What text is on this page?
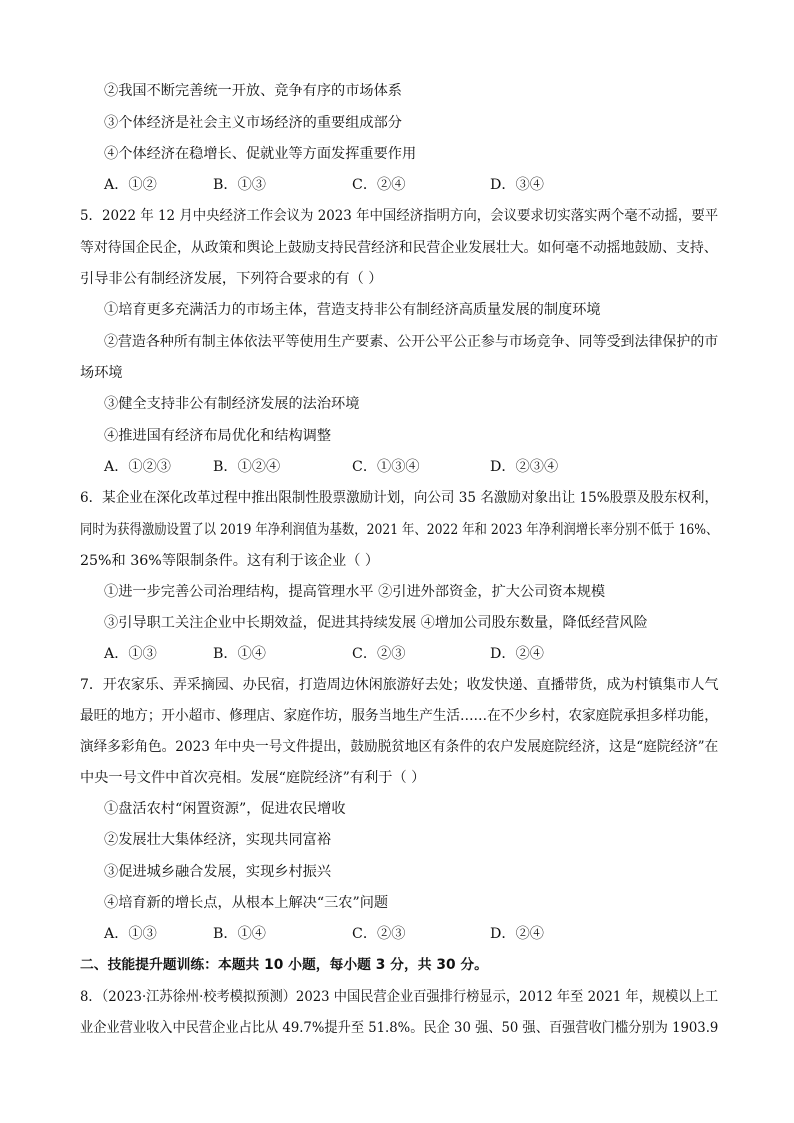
②我国不断完善统一开放、竞争有序的市场体系
③个体经济是社会主义市场经济的重要组成部分
④个体经济在稳增长、促就业等方面发挥重要作用
A．①②	B．①③	C．②④	D．③④
5．2022 年 12 月中央经济工作会议为 2023 年中国经济指明方向，会议要求切实落实两个毫不动摇，要平
等对待国企民企，从政策和舆论上鼓励支持民营经济和民营企业发展壮大。如何毫不动摇地鼓励、支持、
引导非公有制经济发展，下列符合要求的有（ ）
①培育更多充满活力的市场主体，营造支持非公有制经济高质量发展的制度环境
②营造各种所有制主体依法平等使用生产要素、公开公平公正参与市场竞争、同等受到法律保护的市
场环境
③健全支持非公有制经济发展的法治环境
④推进国有经济布局优化和结构调整
A．①②③	B．①②④	C．①③④	D．②③④
6．某企业在深化改革过程中推出限制性股票激励计划，向公司 35 名激励对象出让 15%股票及股东权利，
同时为获得激励设置了以 2019 年净利润值为基数，2021 年、2022 年和 2023 年净利润增长率分别不低于 16%、
25%和 36%等限制条件。这有利于该企业（ ）
①进一步完善公司治理结构，提高管理水平 ②引进外部资金，扩大公司资本规模
③引导职工关注企业中长期效益，促进其持续发展 ④增加公司股东数量，降低经营风险
A．①③	B．①④	C．②③	D．②④
7．开农家乐、弄采摘园、办民宿，打造周边休闲旅游好去处；收发快递、直播带货，成为村镇集市人气
最旺的地方；开小超市、修理店、家庭作坊，服务当地生产生活……在不少乡村，农家庭院承担多样功能，
演绎多彩角色。2023 年中央一号文件提出，鼓励脱贫地区有条件的农户发展庭院经济，这是“庭院经济”在
中央一号文件中首次亮相。发展“庭院经济”有利于（ ）
①盘活农村“闲置资源”，促进农民增收
②发展壮大集体经济，实现共同富裕
③促进城乡融合发展，实现乡村振兴
④培育新的增长点，从根本上解决“三农”问题
A．①③	B．①④	C．②③	D．②④
二、技能提升题训练：本题共 10 小题，每小题 3 分，共 30 分。
8．（2023·江苏徐州·校考模拟预测）2023 中国民营企业百强排行榜显示，2012 年至 2021 年，规模以上工
业企业营业收入中民营企业占比从 49.7%提升至 51.8%。民企 30 强、50 强、百强营收门槛分别为 1903.9
